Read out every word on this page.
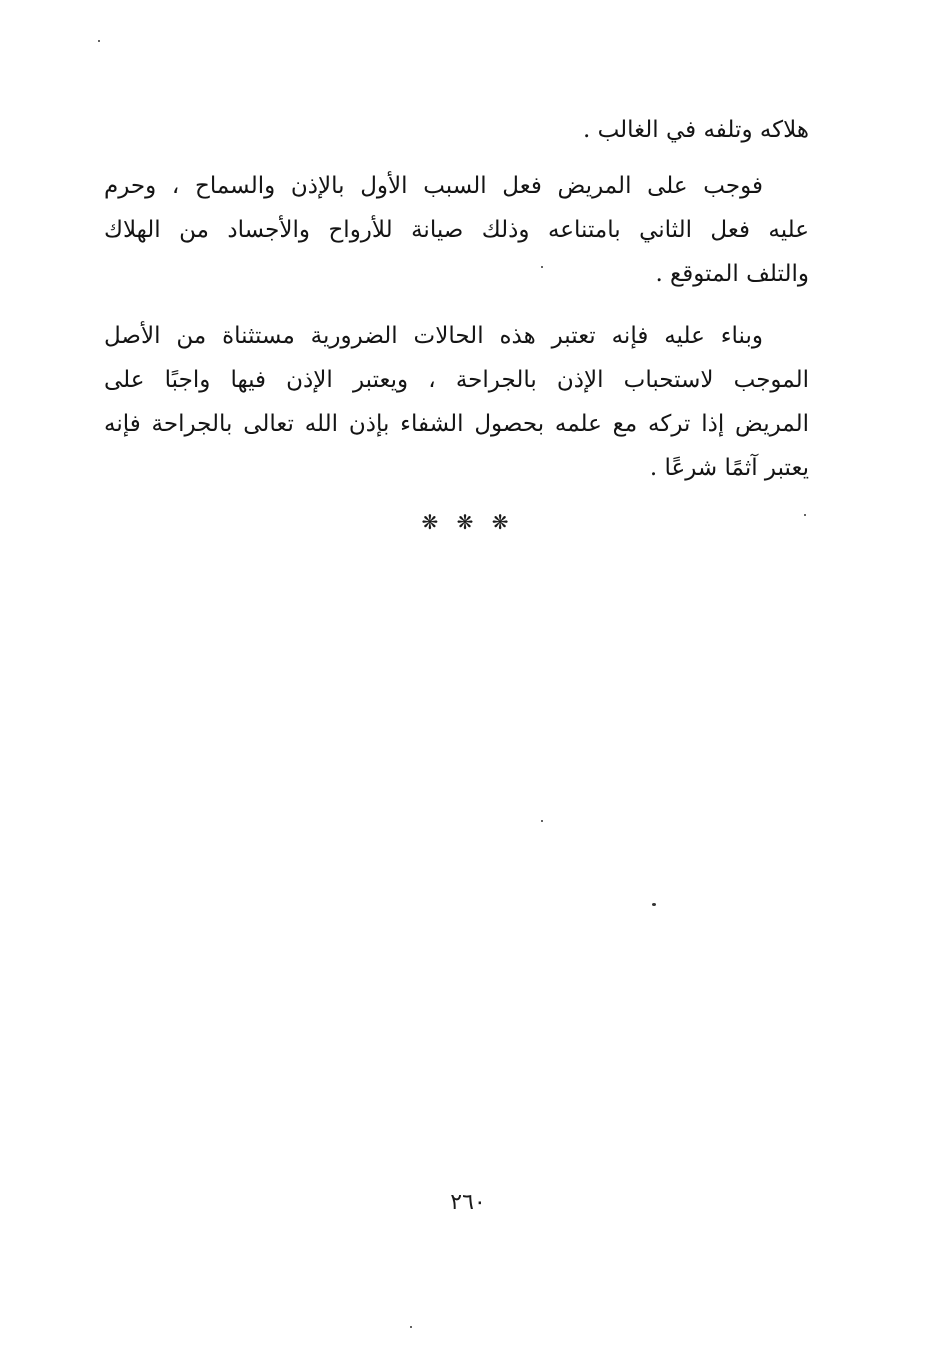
هلاكه وتلفه في الغالب .
فوجب على المريض فعل السبب الأول بالإذن والسماح ، وحرم
عليه فعل الثاني بامتناعه وذلك صيانة للأرواح والأجساد من الهلاك
والتلف المتوقع .
وبناء عليه فإنه تعتبر هذه الحالات الضرورية مستثناة من الأصل
الموجب لاستحباب الإذن بالجراحة ، ويعتبر الإذن فيها واجبًا على
المريض إذا تركه مع علمه بحصول الشفاء بإذن الله تعالى بالجراحة فإنه
يعتبر آثمًا شرعًا .
❋ ❋ ❋
٢٦٠
